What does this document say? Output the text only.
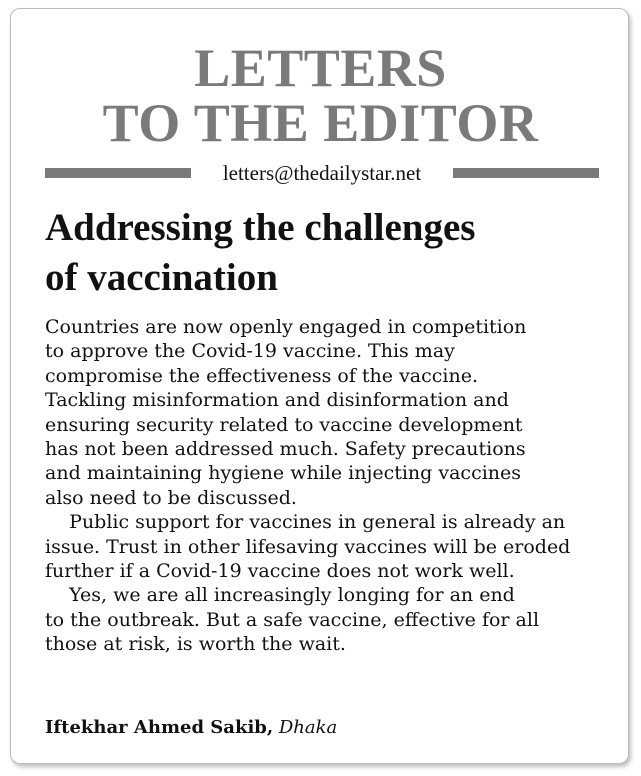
LETTERS
TO THE EDITOR
letters@thedailystar.net
Addressing the challenges
of vaccination

Countries are now openly engaged in competition

to approve the Covid-19 vaccine. This may

compromise the effectiveness of the vaccine.

Tackling misinformation and disinformation and

ensuring security related to vaccine development

has not been addressed much. Safety precautions

and maintaining hygiene while injecting vaccines

also need to be discussed.

Public support for vaccines in general is already an

issue. Trust in other lifesaving vaccines will be eroded

further if a Covid-19 vaccine does not work well.

Yes, we are all increasingly longing for an end

to the outbreak. But a safe vaccine, effective for all

those at risk, is worth the wait.

Iftekhar Ahmed Sakib, Dhaka
